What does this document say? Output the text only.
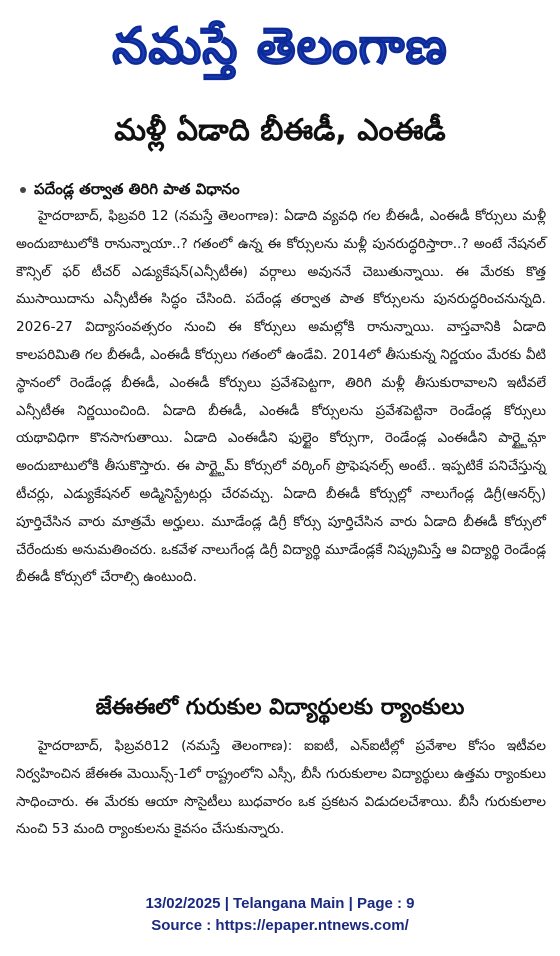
నమస్తే తెలంగాణ
మళ్లీ ఏడాది బీఈడీ, ఎంఈడీ
పదేండ్ల తర్వాత తిరిగి పాత విధానం

హైదరాబాద్, ఫిబ్రవరి 12 (నమస్తే తెలంగాణ): ఏడాది వ్యవధి గల బీఈడీ, ఎంఈడీ కోర్సులు మళ్లీ అందుబాటులోకి రానున్నాయా..? గతంలో ఉన్న ఈ కోర్సులను మళ్లీ పునరుద్ధరిస్తారా..? అంటే నేషనల్ కౌన్సిల్ ఫర్ టీచర్ ఎడ్యుకేషన్(ఎన్సీటీఈ) వర్గాలు అవుననే చెబుతున్నాయి. ఈ మేరకు కొత్త ముసాయిదాను ఎన్సీటీఈ సిద్ధం చేసింది. పదేండ్ల తర్వాత పాత కోర్సులను పునరుద్ధరించనున్నది. 2026-27 విద్యాసంవత్సరం నుంచి ఈ కోర్సులు అమల్లోకి రానున్నాయి. వాస్తవానికి ఏడాది కాలపరిమితి గల బీఈడీ, ఎంఈడీ కోర్సులు గతంలో ఉండేవి. 2014లో తీసుకున్న నిర్ణయం మేరకు వీటి స్థానంలో రెండేండ్ల బీఈడీ, ఎంఈడీ కోర్సులు ప్రవేశపెట్టగా, తిరిగి మళ్లీ తీసుకురావాలని ఇటీవలే ఎన్సీటీఈ నిర్ణయించింది. ఏడాది బీఈడీ, ఎంఈడీ కోర్సులను ప్రవేశపెట్టినా రెండేండ్ల కోర్సులు యథావిధిగా కొనసాగుతాయి. ఏడాది ఎంఈడీని ఫుల్టైం కోర్సుగా, రెండేండ్ల ఎంఈడీని పార్ట్టైమ్గా అందుబాటులోకి తీసుకొస్తారు. ఈ పార్ట్టైమ్ కోర్సులో వర్కింగ్ ప్రొఫెషనల్స్ అంటే.. ఇప్పటికే పనిచేస్తున్న టీచర్లు, ఎడ్యుకేషనల్ అడ్మినిస్ట్రేటర్లు చేరవచ్చు. ఏడాది బీఈడీ కోర్సుల్లో నాలుగేండ్ల డిగ్రీ(ఆనర్స్) పూర్తిచేసిన వారు మాత్రమే అర్హులు. మూడేండ్ల డిగ్రీ కోర్సు పూర్తిచేసిన వారు ఏడాది బీఈడీ కోర్సులో చేరేందుకు అనుమతించరు. ఒకవేళ నాలుగేండ్ల డిగ్రీ విద్యార్థి మూడేండ్లకే నిష్క్రమిస్తే ఆ విద్యార్థి రెండేండ్ల బీఈడీ కోర్సులో చేరాల్సి ఉంటుంది.

జేఈఈలో గురుకుల విద్యార్థులకు ర్యాంకులు

హైదరాబాద్, ఫిబ్రవరి12 (నమస్తే తెలంగాణ): ఐఐటీ, ఎన్ఐటీల్లో ప్రవేశాల కోసం ఇటీవల నిర్వహించిన జేఈఈ మెయిన్స్-1లో రాష్ట్రంలోని ఎస్సీ, బీసీ గురుకులాల విద్యార్థులు ఉత్తమ ర్యాంకులు సాధించారు. ఈ మేరకు ఆయా సొసైటీలు బుధవారం ఒక ప్రకటన విడుదలచేశాయి. బీసీ గురుకులాల నుంచి 53 మంది ర్యాంకులను కైవసం చేసుకున్నారు.

13/02/2025 | Telangana Main | Page : 9
Source : https://epaper.ntnews.com/
